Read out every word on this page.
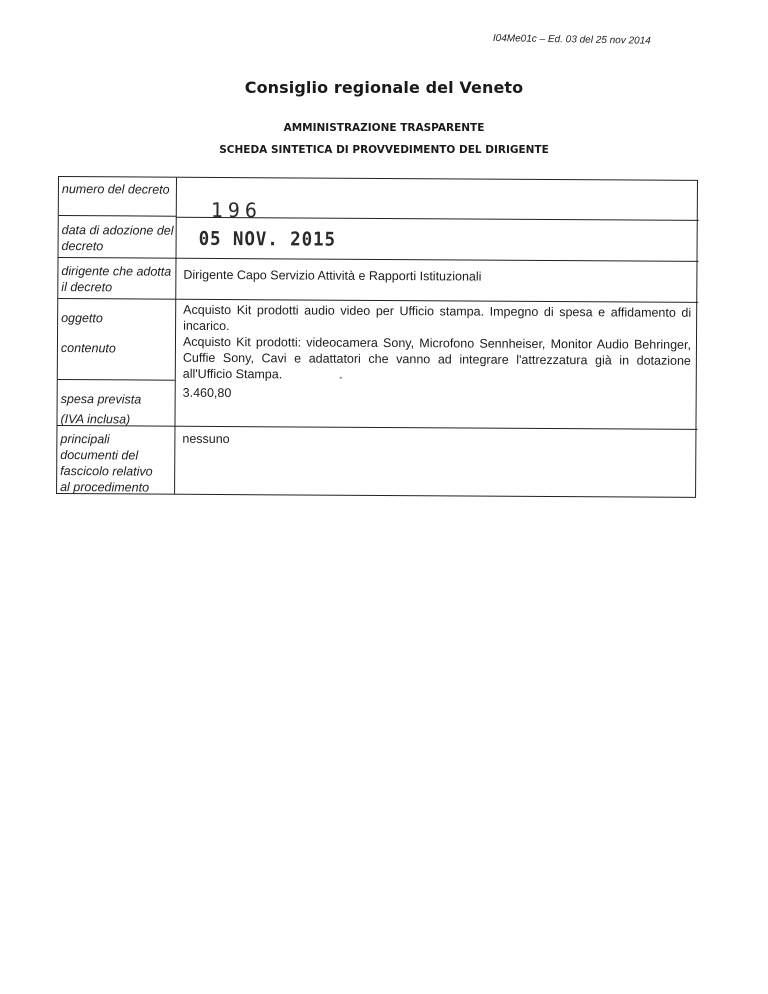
I04Me01c – Ed. 03 del 25 nov 2014
Consiglio regionale del Veneto
AMMINISTRAZIONE TRASPARENTE
SCHEDA SINTETICA DI PROVVEDIMENTO DEL DIRIGENTE
numero del decreto
data di adozione del decreto
dirigente che adotta il decreto
oggetto
contenuto
spesa prevista (IVA inclusa)
principali documenti del fascicolo relativo al procedimento
196
05 NOV. 2015
Dirigente Capo Servizio Attività e Rapporti Istituzionali
Acquisto Kit prodotti audio video per Ufficio stampa. Impegno di spesa e affidamento di incarico.
Acquisto Kit prodotti: videocamera Sony, Microfono Sennheiser, Monitor Audio Behringer, Cuffie Sony, Cavi e adattatori che vanno ad integrare l'attrezzatura già in dotazione all'Ufficio Stampa.
3.460,80
nessuno
